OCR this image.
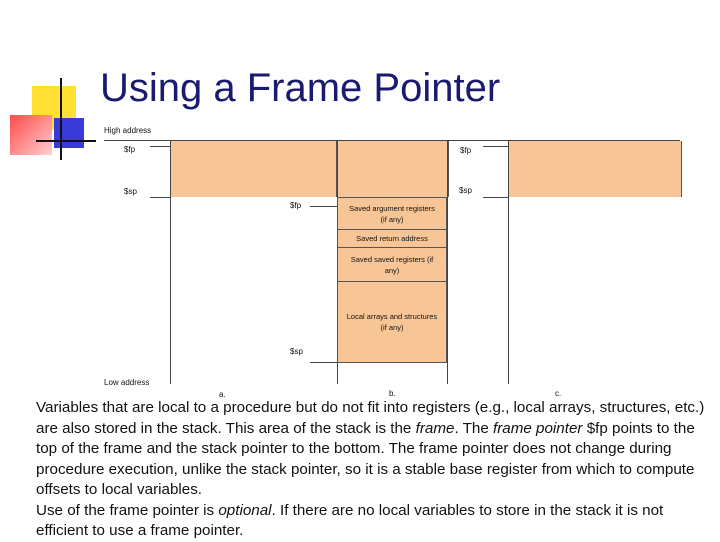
Using a Frame Pointer
High address
Low address
$fp
$sp
Saved argument registers (if any)
Saved return address
Saved saved registers (if any)
Local arrays and structures (if any)
$fp
$sp
$fp
$sp
a.	b.	c.

Variables that are local to a procedure but do not fit into registers (e.g., local arrays, structures, etc.) are also stored in the stack. This area of the stack is the frame. The frame pointer $fp points to the top of the frame and the stack pointer to the bottom. The frame pointer does not change during procedure execution, unlike the stack pointer, so it is a stable base register from which to compute offsets to local variables.

Use of the frame pointer is optional. If there are no local variables to store in the stack it is not efficient to use a frame pointer.
